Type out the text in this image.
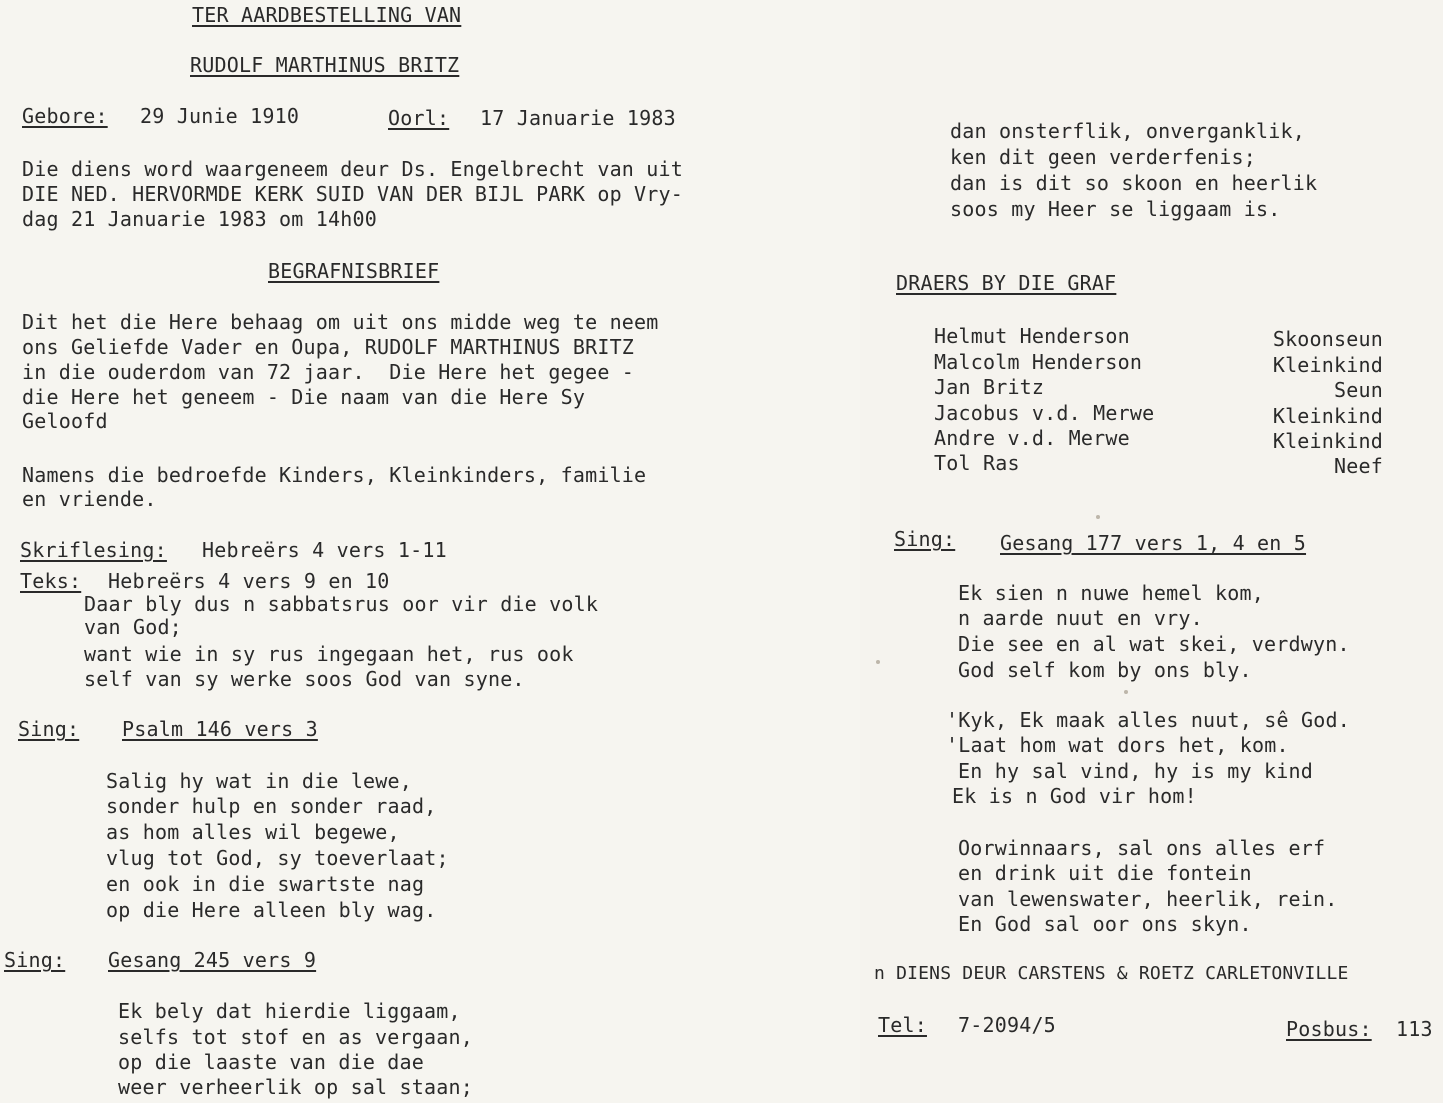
TER AARDBESTELLING VAN
RUDOLF MARTHINUS BRITZ
Gebore: 29 Junie 1910	Oorl: 17 Januarie 1983
Die diens word waargeneem deur Ds. Engelbrecht van uit
DIE NED. HERVORMDE KERK SUID VAN DER BIJL PARK op Vry-
dag 21 Januarie 1983 om 14h00
BEGRAFNISBRIEF
Dit het die Here behaag om uit ons midde weg te neem
ons Geliefde Vader en Oupa, RUDOLF MARTHINUS BRITZ
in die ouderdom van 72 jaar.  Die Here het gegee -
die Here het geneem - Die naam van die Here Sy
Geloofd
Namens die bedroefde Kinders, Kleinkinders, familie
en vriende.
Skriflesing: Hebreërs 4 vers 1-11
Teks: Hebreërs 4 vers 9 en 10
Daar bly dus n sabbatsrus oor vir die volk
van God;
want wie in sy rus ingegaan het, rus ook
self van sy werke soos God van syne.
Sing: Psalm 146 vers 3
Salig hy wat in die lewe,
sonder hulp en sonder raad,
as hom alles wil begewe,
vlug tot God, sy toeverlaat;
en ook in die swartste nag
op die Here alleen bly wag.
Sing: Gesang 245 vers 9
Ek bely dat hierdie liggaam,
selfs tot stof en as vergaan,
op die laaste van die dae
weer verheerlik op sal staan;
dan onsterflik, onverganklik,
ken dit geen verderfenis;
dan is dit so skoon en heerlik
soos my Heer se liggaam is.
DRAERS BY DIE GRAF
Helmut Henderson	Skoonseun
Malcolm Henderson	Kleinkind
Jan Britz	Seun
Jacobus v.d. Merwe	Kleinkind
Andre v.d. Merwe	Kleinkind
Tol Ras	Neef
Sing: Gesang 177 vers 1, 4 en 5
Ek sien n nuwe hemel kom,
n aarde nuut en vry.
Die see en al wat skei, verdwyn.
God self kom by ons bly.
'Kyk, Ek maak alles nuut, sê God.
'Laat hom wat dors het, kom.
En hy sal vind, hy is my kind
Ek is n God vir hom!
Oorwinnaars, sal ons alles erf
en drink uit die fontein
van lewenswater, heerlik, rein.
En God sal oor ons skyn.
n DIENS DEUR CARSTENS & ROETZ CARLETONVILLE
Tel: 7-2094/5	Posbus: 113
